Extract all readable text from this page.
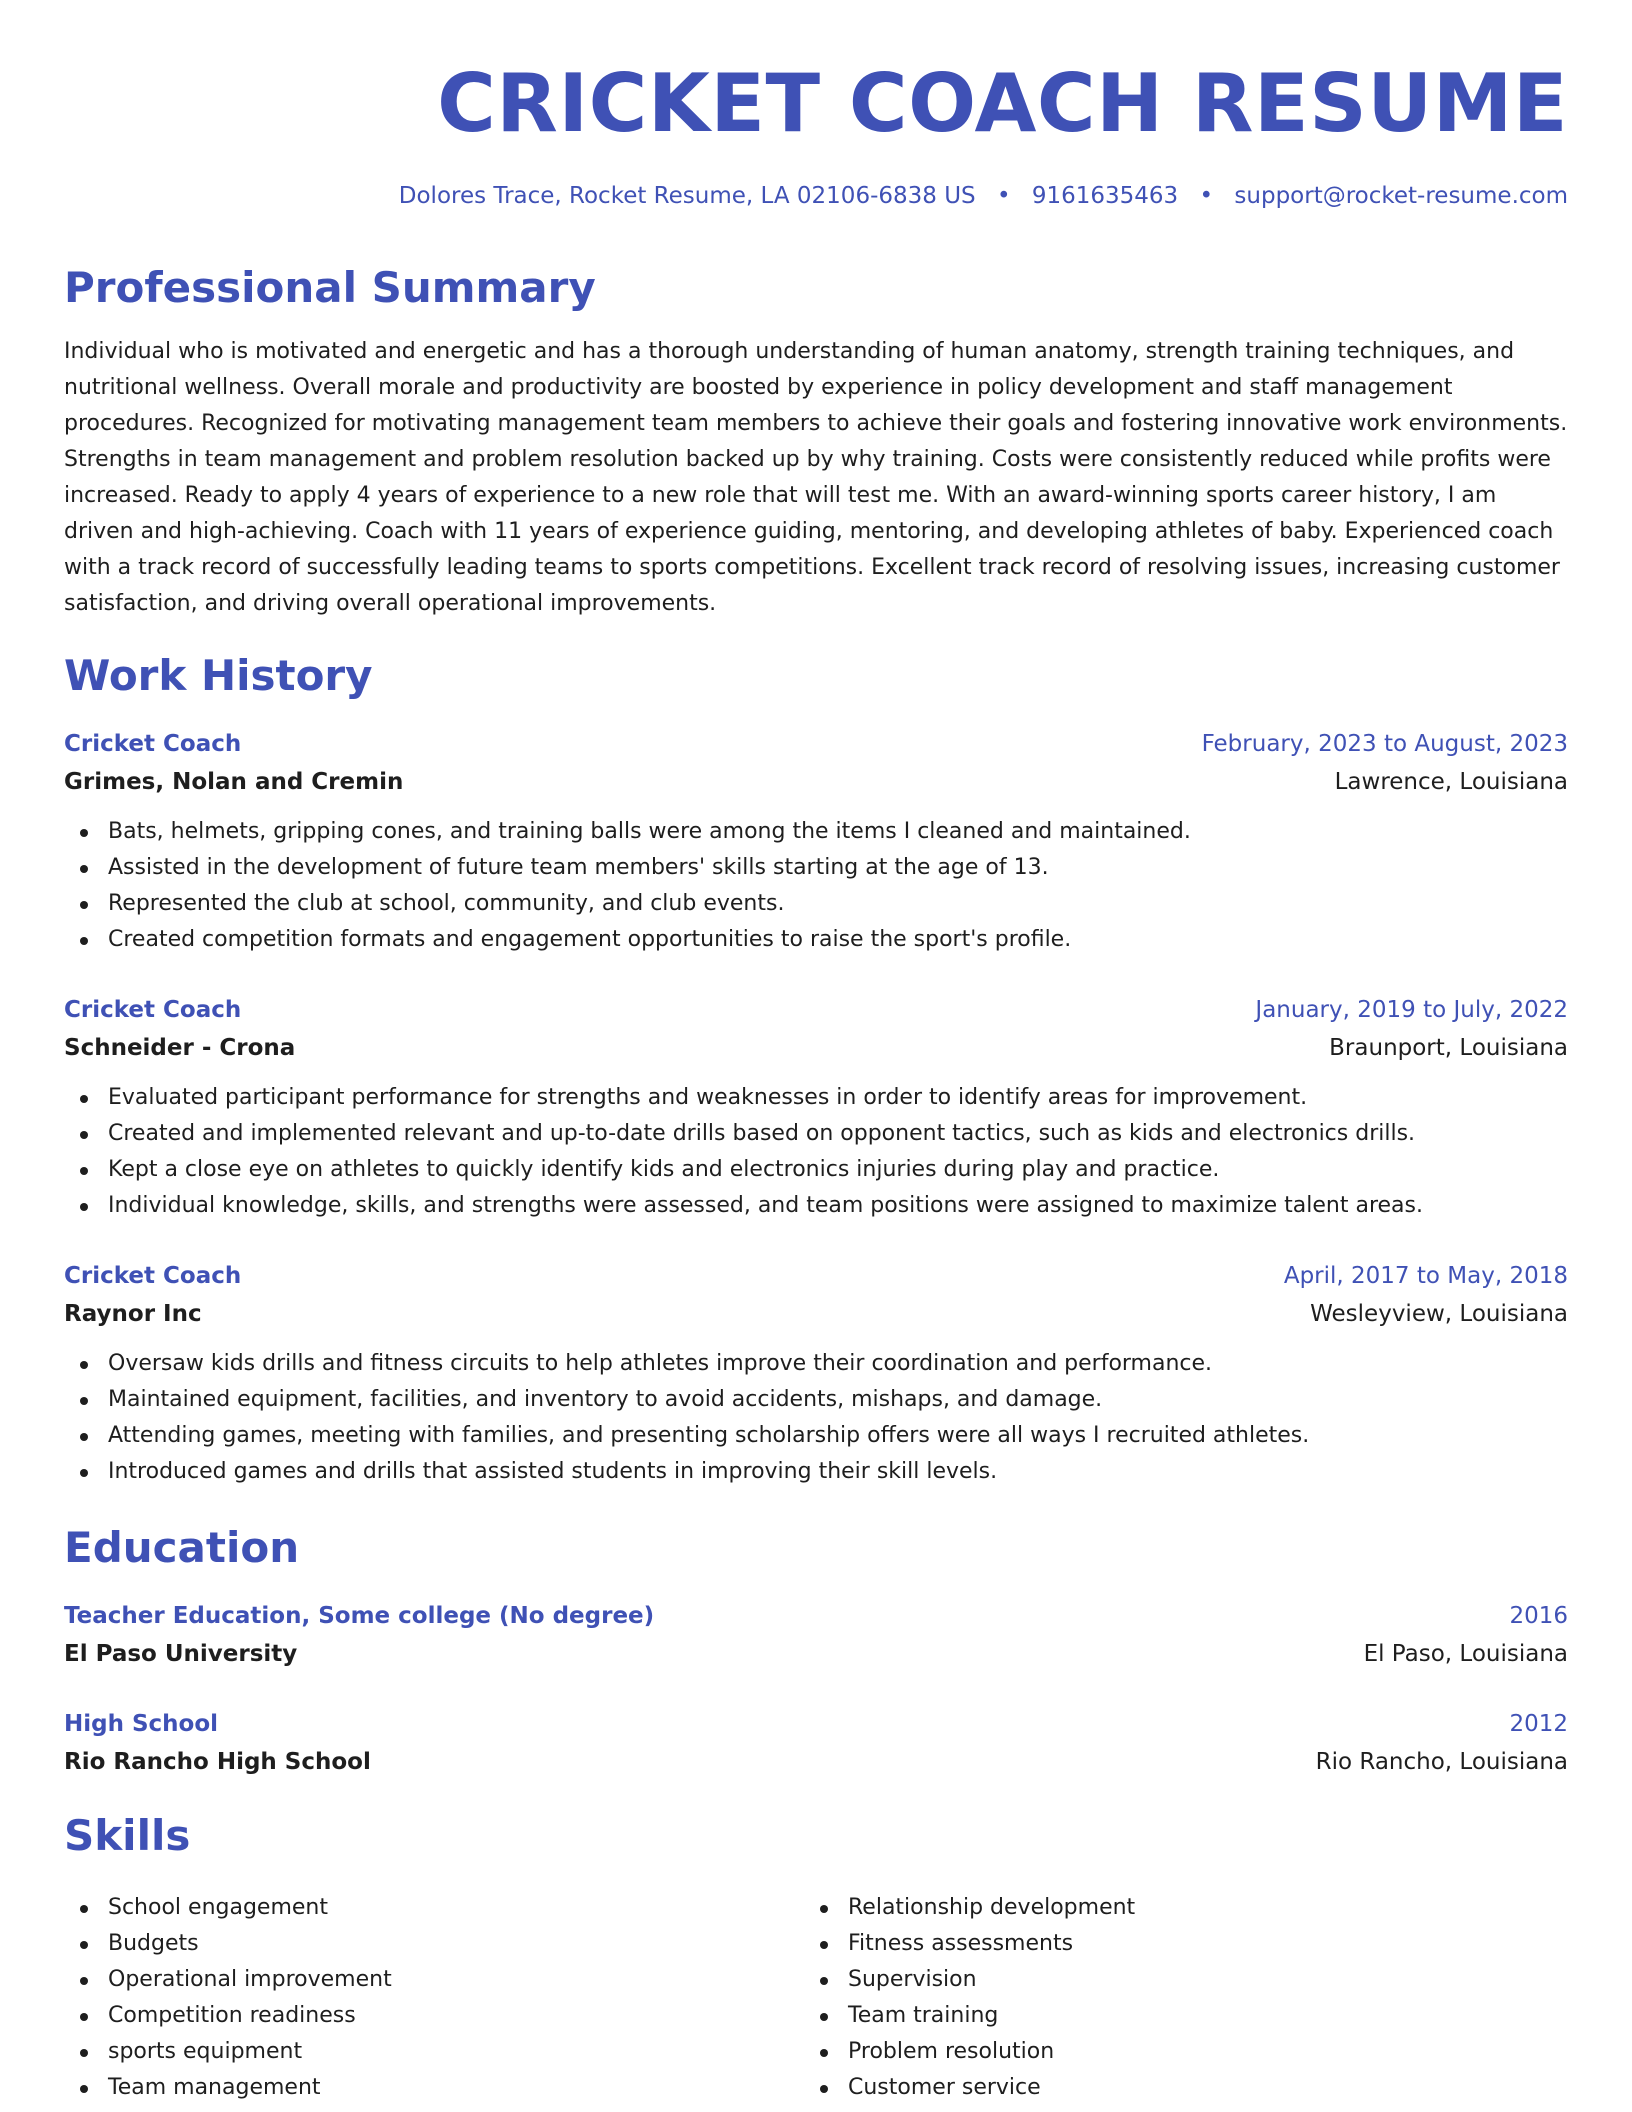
CRICKET COACH RESUME
Dolores Trace, Rocket Resume, LA 02106-6838 US • 9161635463 • support@rocket-resume.com
Professional Summary

Individual who is motivated and energetic and has a thorough understanding of human anatomy, strength training techniques, and nutritional wellness. Overall morale and productivity are boosted by experience in policy development and staff management procedures. Recognized for motivating management team members to achieve their goals and fostering innovative work environments. Strengths in team management and problem resolution backed up by why training. Costs were consistently reduced while profits were increased. Ready to apply 4 years of experience to a new role that will test me. With an award-winning sports career history, I am driven and high-achieving. Coach with 11 years of experience guiding, mentoring, and developing athletes of baby. Experienced coach with a track record of successfully leading teams to sports competitions. Excellent track record of resolving issues, increasing customer satisfaction, and driving overall operational improvements.

Work History
Cricket Coach	February, 2023 to August, 2023
Grimes, Nolan and Cremin	Lawrence, Louisiana
Bats, helmets, gripping cones, and training balls were among the items I cleaned and maintained.
Assisted in the development of future team members' skills starting at the age of 13.
Represented the club at school, community, and club events.
Created competition formats and engagement opportunities to raise the sport's profile.
Cricket Coach	January, 2019 to July, 2022
Schneider - Crona	Braunport, Louisiana
Evaluated participant performance for strengths and weaknesses in order to identify areas for improvement.
Created and implemented relevant and up-to-date drills based on opponent tactics, such as kids and electronics drills.
Kept a close eye on athletes to quickly identify kids and electronics injuries during play and practice.
Individual knowledge, skills, and strengths were assessed, and team positions were assigned to maximize talent areas.
Cricket Coach	April, 2017 to May, 2018
Raynor Inc	Wesleyview, Louisiana
Oversaw kids drills and fitness circuits to help athletes improve their coordination and performance.
Maintained equipment, facilities, and inventory to avoid accidents, mishaps, and damage.
Attending games, meeting with families, and presenting scholarship offers were all ways I recruited athletes.
Introduced games and drills that assisted students in improving their skill levels.
Education
Teacher Education, Some college (No degree)	2016
El Paso University	El Paso, Louisiana
High School	2012
Rio Rancho High School	Rio Rancho, Louisiana
Skills
School engagement
Budgets
Operational improvement
Competition readiness
sports equipment
Team management
Relationship development
Fitness assessments
Supervision
Team training
Problem resolution
Customer service
